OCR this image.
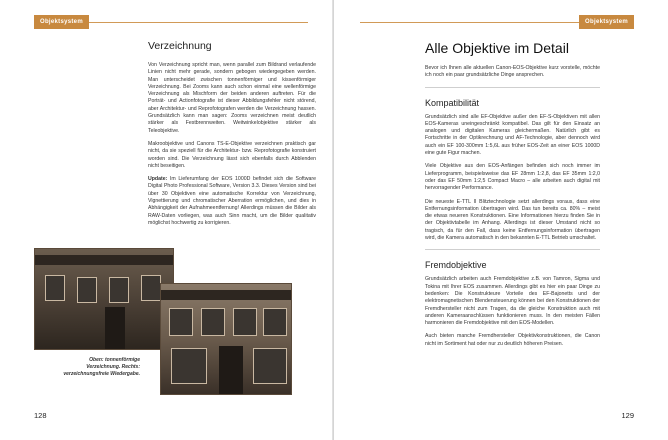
Objektsystem
Verzeichnung

Von Verzeichnung spricht man, wenn parallel zum Bildrand verlaufende Linien nicht mehr gerade, sondern gebogen wiedergegeben werden. Man unterscheidet zwischen tonnenförmiger und kissenförmiger Verzeichnung. Bei Zooms kann auch schon einmal eine wellenförmige Verzeichnung als Mischform der beiden anderen auftreten. Für die Porträt- und Actionfotografie ist dieser Abbildungsfehler nicht störend, aber Architektur- und Reprofotografen werden die Verzeichnung hassen. Grundsätzlich kann man sagen: Zooms verzeichnen meist deutlich stärker als Festbrennweiten. Weitwinkelobjektive stärker als Teleobjektive.

Makroobjektive und Canons TS-E-Objektive verzeichnen praktisch gar nicht, da sie speziell für die Architektur- bzw. Reprofotografie konstruiert worden sind. Die Verzeichnung lässt sich ebenfalls durch Abblenden nicht beseitigen.

Update: Im Lieferumfang der EOS 1000D befindet sich die Software Digital Photo Professional Software, Version 3.3. Dieses Version sind bei über 30 Objektiven eine automatische Korrektur von Verzeichnung, Vignettierung und chromatischer Aberration ermöglichen, und dies in Abhängigkeit der Aufnahmeentfernung! Allerdings müssen die Bilder als RAW-Daten vorliegen, was auch Sinn macht, um die Bilder qualitativ möglichst hochwertig zu korrigieren.

Oben: tonnenförmige Verzeichnung. Rechts: verzeichnungsfreie Wiedergabe.
128
Objektsystem
Alle Objektive im Detail

Bevor ich Ihnen alle aktuellen Canon-EOS-Objektive kurz vorstelle, möchte ich noch ein paar grundsätzliche Dinge ansprechen.

Kompatibilität

Grundsätzlich sind alle EF-Objektive außer den EF-S-Objektiven mit allen EOS-Kameras uneingeschränkt kompatibel. Das gilt für den Einsatz an analogen und digitalen Kameras gleichermaßen. Natürlich gibt es Fortschritte in der Optikrechnung und AF-Technologie, aber dennoch wird auch ein EF 100-300mm 1:5,6L aus früher EOS-Zeit an einer EOS 1000D eine gute Figur machen.

Viele Objektive aus den EOS-Anfängen befinden sich noch immer im Lieferprogramm, beispielsweise das EF 28mm 1:2,8, das EF 35mm 1:2,0 oder das EF 50mm 1:2,5 Compact Macro – alle arbeiten auch digital mit hervorragender Performance.

Die neueste E-TTL II Blitztechnologie setzt allerdings voraus, dass eine Entfernungsinformation übertragen wird. Das tun bereits ca. 80% – meist die etwas neueren Konstruktionen. Eine Informationen hierzu finden Sie in der Objektivtabelle im Anhang. Allerdings ist dieser Umstand nicht so tragisch, da für den Fall, dass keine Entfernungsinformation übertragen wird, die Kamera automatisch in den bekannten E-TTL Betrieb umschaltet.

Fremdobjektive

Grundsätzlich arbeiten auch Fremdobjektive z.B. von Tamron, Sigma und Tokina mit Ihrer EOS zusammen. Allerdings gibt es hier ein paar Dinge zu bedenken: Die Konstrukteure Vorteile des EF-Bajonetts und der elektromagnetischen Blendensteuerung können bei den Konstruktionen der Fremdhersteller nicht zum Tragen, da die gleiche Konstruktion auch mit anderen Kameraanschlüssen funktionieren muss. In den meisten Fällen harmonieren die Fremdobjektive mit den EOS-Modellen.

Auch bieten manche Fremdhersteller Objektivkonstruktionen, die Canon nicht im Sortiment hat oder nur zu deutlich höheren Preisen.

129
